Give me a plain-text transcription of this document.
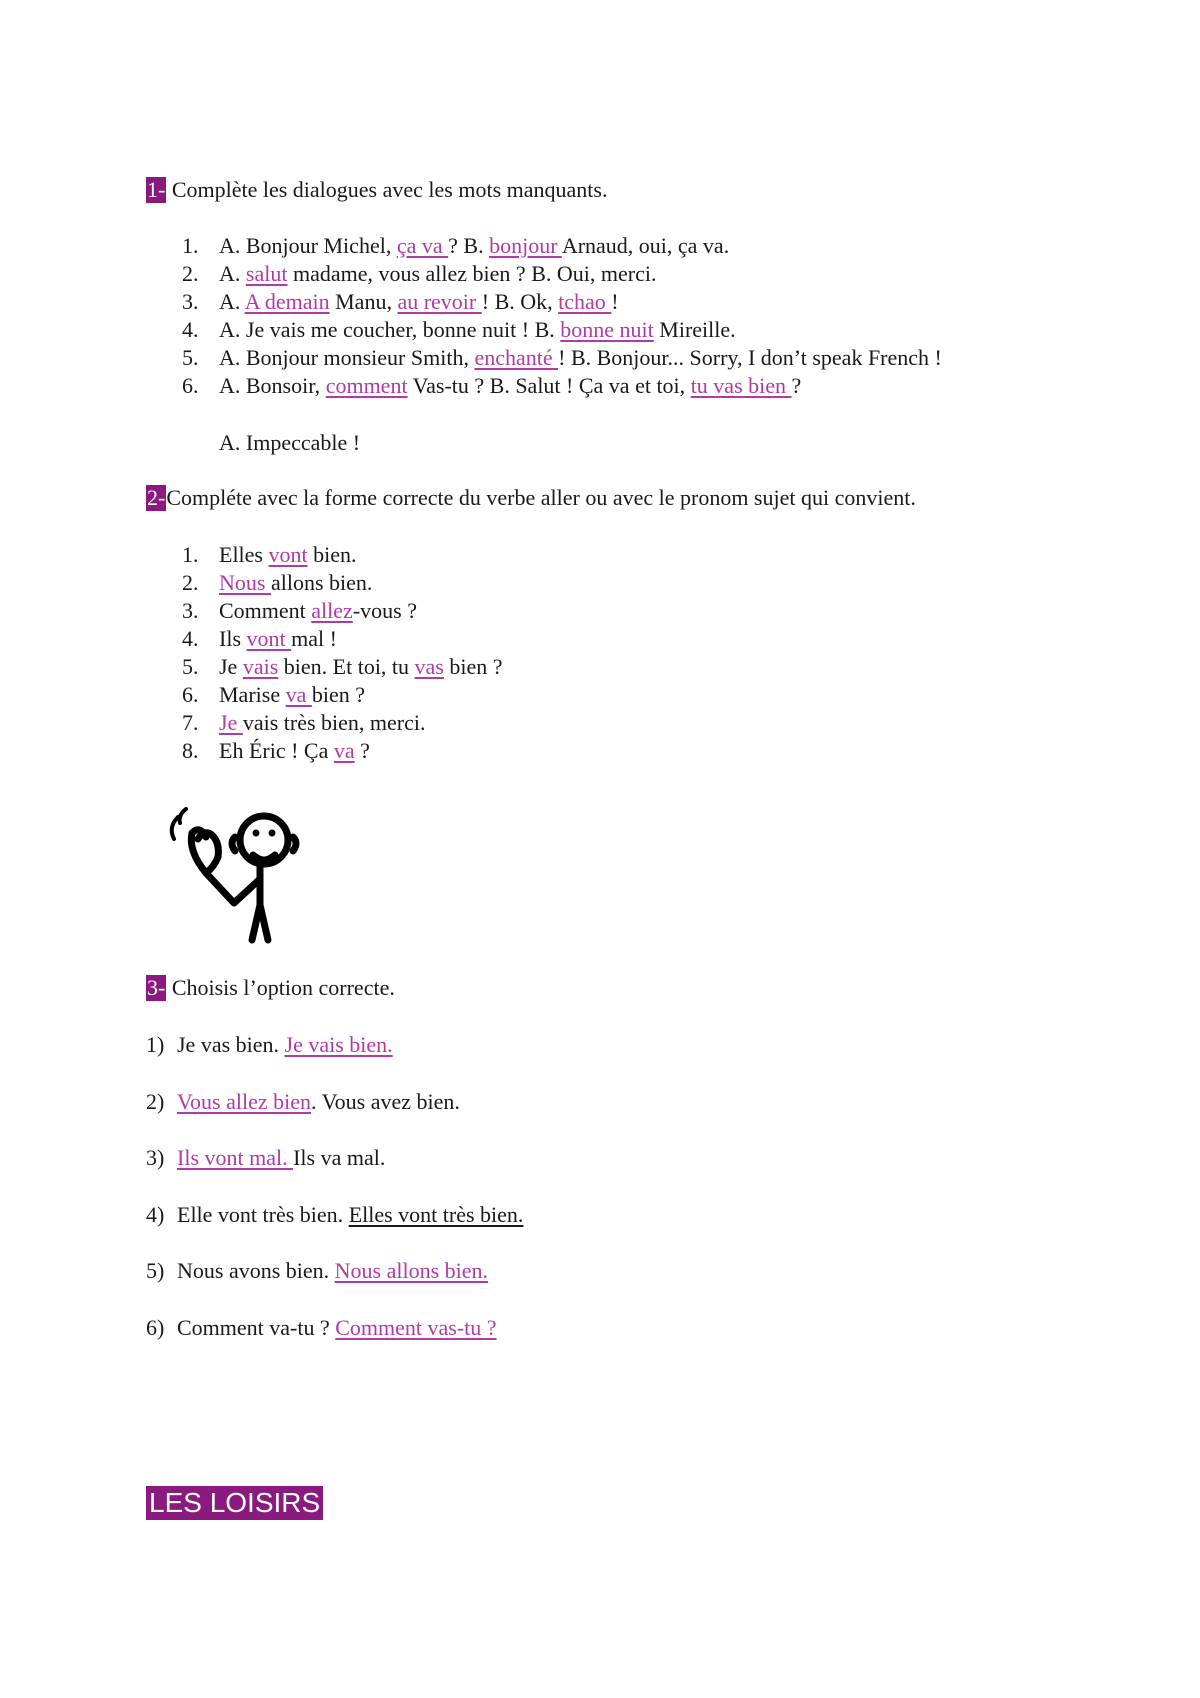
1- Complète les dialogues avec les mots manquants.
1. A. Bonjour Michel, ça va ? B. bonjour Arnaud, oui, ça va.
2. A. salut madame, vous allez bien ? B. Oui, merci.
3. A. A demain Manu, au revoir ! B. Ok, tchao !
4. A. Je vais me coucher, bonne nuit ! B. bonne nuit Mireille.
5. A. Bonjour monsieur Smith, enchanté ! B. Bonjour... Sorry, I don’t speak French !
6. A. Bonsoir, comment Vas-tu ? B. Salut ! Ça va et toi, tu vas bien ?
A. Impeccable !
2-Compléte avec la forme correcte du verbe aller ou avec le pronom sujet qui convient.
1. Elles vont bien.
2. Nous allons bien.
3. Comment allez-vous ?
4. Ils vont mal !
5. Je vais bien. Et toi, tu vas bien ?
6. Marise va bien ?
7. Je vais très bien, merci.
8. Eh Éric ! Ça va ?
3- Choisis l’option correcte.
1) Je vas bien. Je vais bien.
2) Vous allez bien. Vous avez bien.
3) Ils vont mal. Ils va mal.
4) Elle vont très bien. Elles vont très bien.
5) Nous avons bien. Nous allons bien.
6) Comment va-tu ? Comment vas-tu ?
LES LOISIRS
